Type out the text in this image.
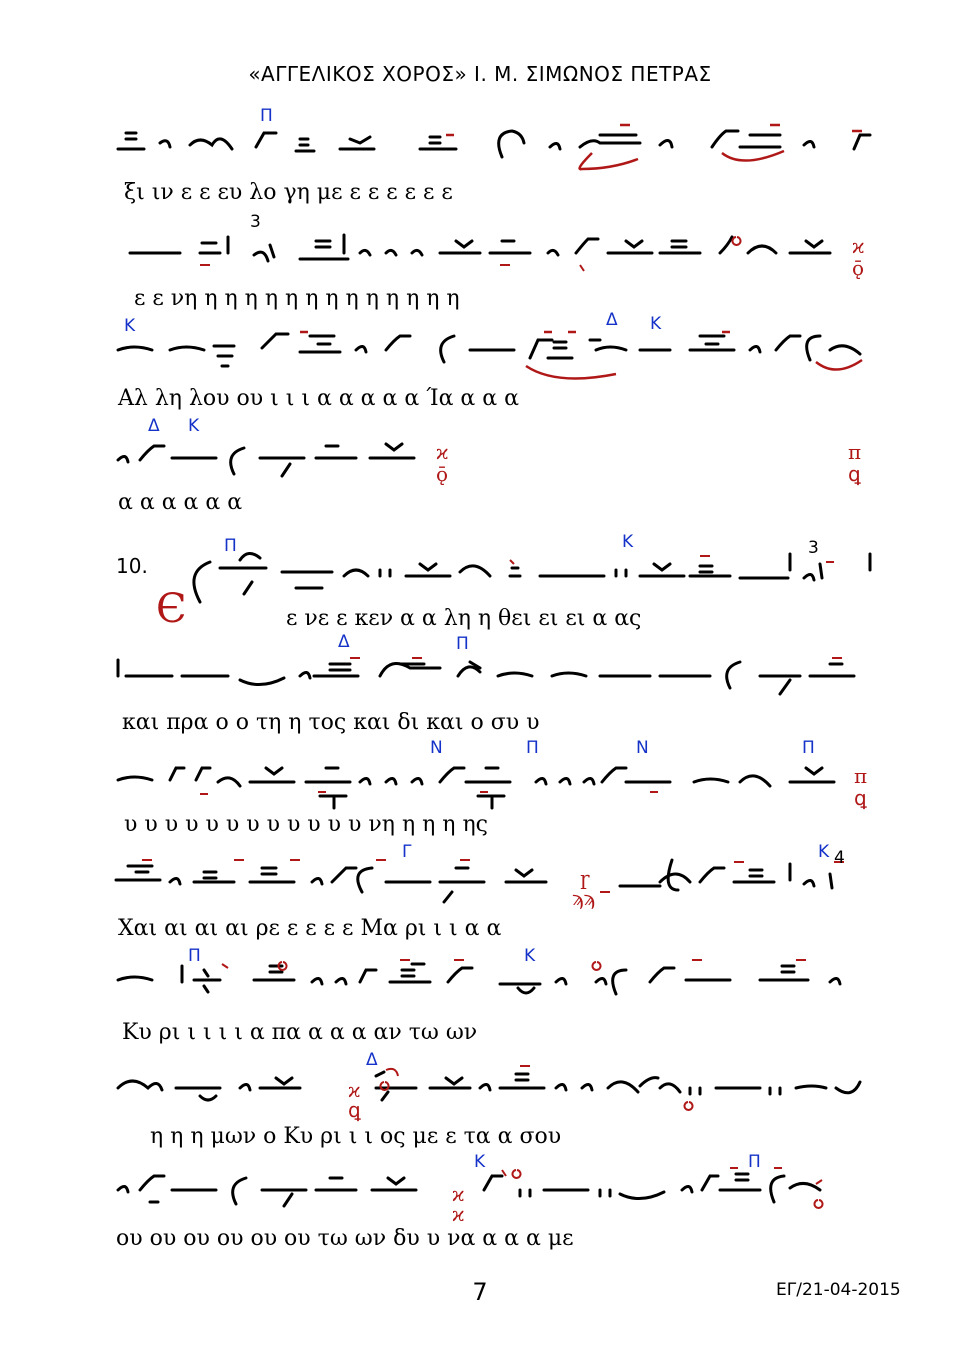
«ΑΓΓΕΛΙΚΟΣ ΧΟΡΟΣ» Ι. Μ. ΣΙΜΩΝΟΣ ΠΕΤΡΑΣ
10.
Є
Π
ξι ιν ε ε ευ λο γη με ε ε ε ε ε ε
3
ϰ
ǭ
ε ε νη η η η η η η η η η η η η η
Κ	Δ Κ
Αλ λη λου ου ι ι ι α α α α α Ία α α α
Δ Κ
ϰ
ǭ
π
ꝗ
α α α α α α
Π	Κ	3
ε νε ε κεν α α λη η θει ει ει α ας
Δ	Π
και πρα ο ο τη η τος και δι και ο συ υ
Ν	Π	Ν	Π
π
ꝗ
υ υ υ υ υ υ υ υ υ υ υ υ νη η η η ης
Γ	Κ 4
ɼ
ϡϡ
Χαι αι αι αι ρε ε ε ε ε Μα ρι ι ι α α
Π	Κ
Κυ ρι ι ι ι ι α πα α α α αν τω ων
Δ
ϰ
ꝗ
η η η μων ο Κυ ρι ι ι ος με ε τα α σου
Κ	Π
ϰ
ϰ
ου ου ου ου ου ου τω ων δυ υ να α α α με
7	ΕΓ/21-04-2015
